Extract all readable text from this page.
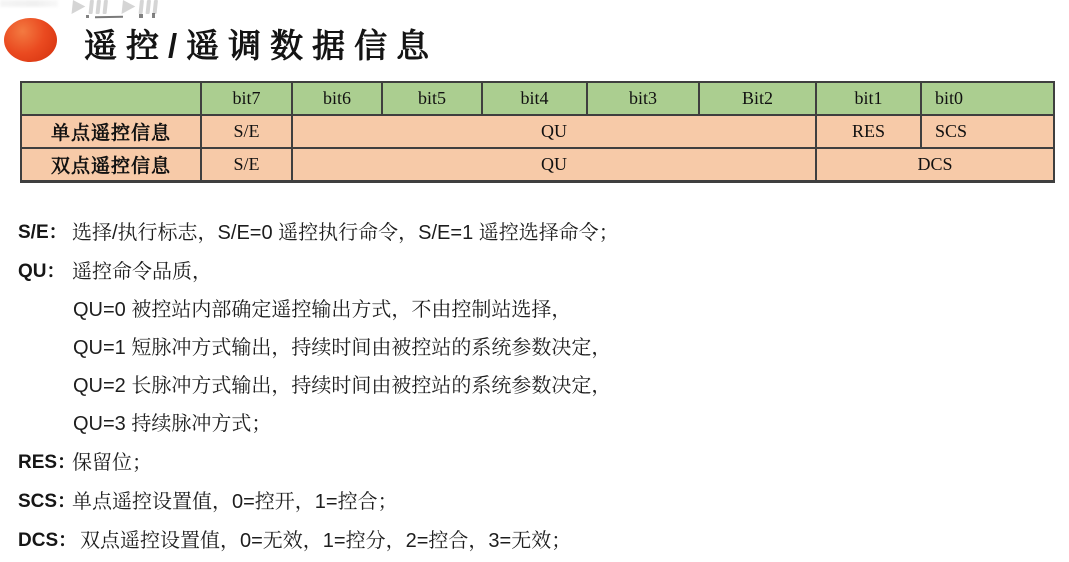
遥控/遥调数据信息
	bit7	bit6	bit5	bit4	bit3	Bit2	bit1	bit0
单点遥控信息	S/E	QU					RES	SCS
双点遥控信息	S/E	QU					DCS	
S/E： 选择/执行标志，S/E=0 遥控执行命令，S/E=1 遥控选择命令；
QU： 遥控命令品质，
QU=0 被控站内部确定遥控输出方式，不由控制站选择，
QU=1 短脉冲方式输出，持续时间由被控站的系统参数决定，
QU=2 长脉冲方式输出，持续时间由被控站的系统参数决定，
QU=3 持续脉冲方式；
RES：
保留位；
SCS：
单点遥控设置值，0=控开，1=控合；
DCS： 双点遥控设置值，0=无效，1=控分，2=控合，3=无效；
